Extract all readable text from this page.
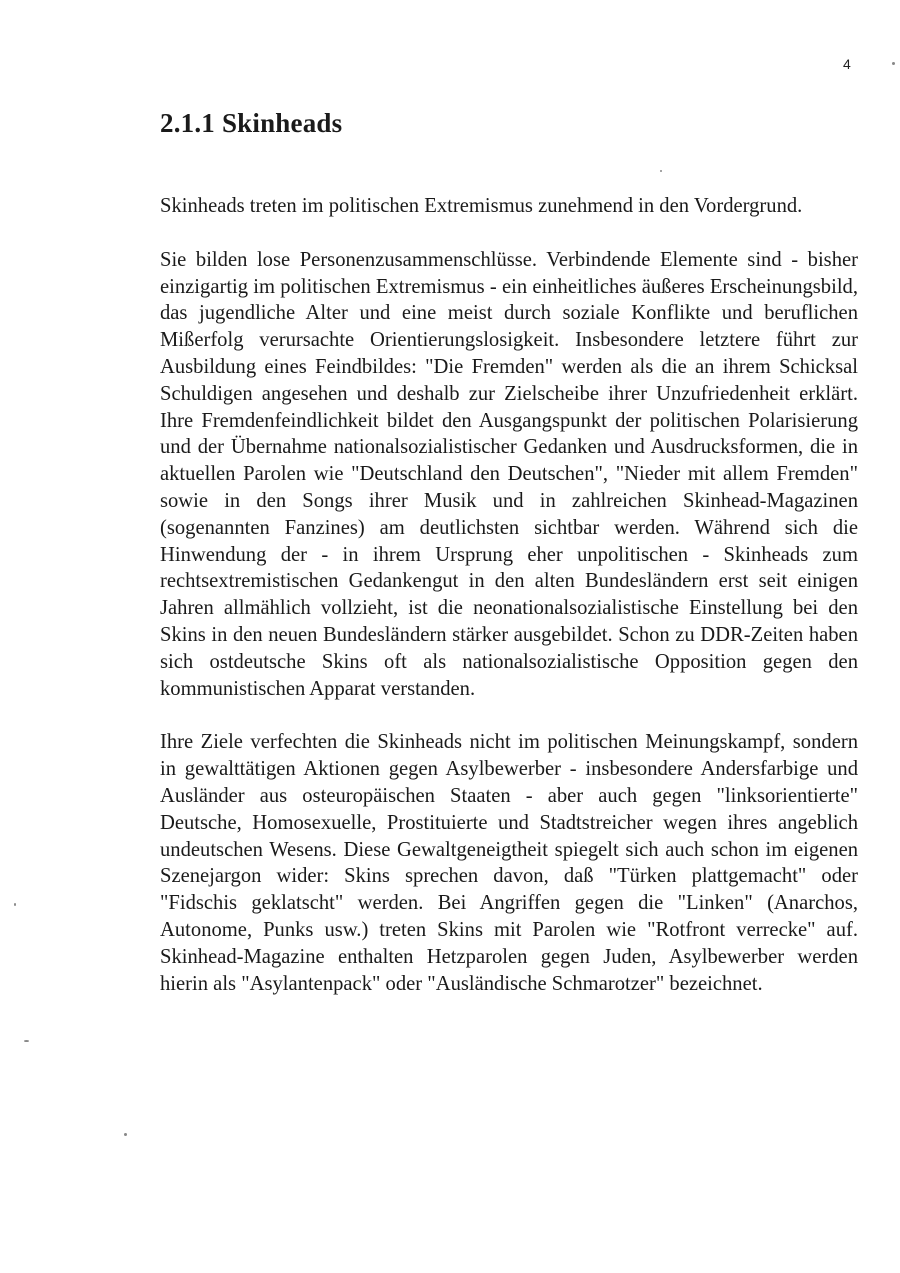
4
2.1.1 Skinheads

Skinheads treten im politischen Extremismus zunehmend in den Vordergrund.

Sie bilden lose Personenzusammenschlüsse. Verbindende Elemente sind - bisher einzigartig im politischen Extremismus - ein einheitliches äußeres Erscheinungsbild, das jugendliche Alter und eine meist durch soziale Konflikte und beruflichen Mißerfolg verursachte Orientierungslosigkeit. Insbesondere letztere führt zur Ausbildung eines Feindbildes: "Die Fremden" werden als die an ihrem Schicksal Schuldigen angesehen und deshalb zur Zielscheibe ihrer Unzufriedenheit erklärt. Ihre Fremdenfeindlichkeit bildet den Ausgangspunkt der politischen Polarisierung und der Übernahme nationalsozialistischer Gedanken und Ausdrucksformen, die in aktuellen Parolen wie "Deutschland den Deutschen", "Nieder mit allem Fremden" sowie in den Songs ihrer Musik und in zahlreichen Skinhead-Magazinen (sogenannten Fanzines) am deutlichsten sichtbar werden. Während sich die Hinwendung der - in ihrem Ursprung eher unpolitischen - Skinheads zum rechtsextremistischen Gedankengut in den alten Bundesländern erst seit einigen Jahren allmählich vollzieht, ist die neonationalsozialistische Einstellung bei den Skins in den neuen Bundesländern stärker ausgebildet. Schon zu DDR-Zeiten haben sich ostdeutsche Skins oft als nationalsozialistische Opposition gegen den kommunistischen Apparat verstanden.

Ihre Ziele verfechten die Skinheads nicht im politischen Meinungskampf, sondern in gewalttätigen Aktionen gegen Asylbewerber - insbesondere Andersfarbige und Ausländer aus osteuropäischen Staaten - aber auch gegen "linksorientierte" Deutsche, Homosexuelle, Prostituierte und Stadtstreicher wegen ihres angeblich undeutschen Wesens. Diese Gewaltgeneigtheit spiegelt sich auch schon im eigenen Szenejargon wider: Skins sprechen davon, daß "Türken plattgemacht" oder "Fidschis geklatscht" werden. Bei Angriffen gegen die "Linken" (Anarchos, Autonome, Punks usw.) treten Skins mit Parolen wie "Rotfront verrecke" auf. Skinhead-Magazine enthalten Hetzparolen gegen Juden, Asylbewerber werden hierin als "Asylantenpack" oder "Ausländische Schmarotzer" bezeichnet.
